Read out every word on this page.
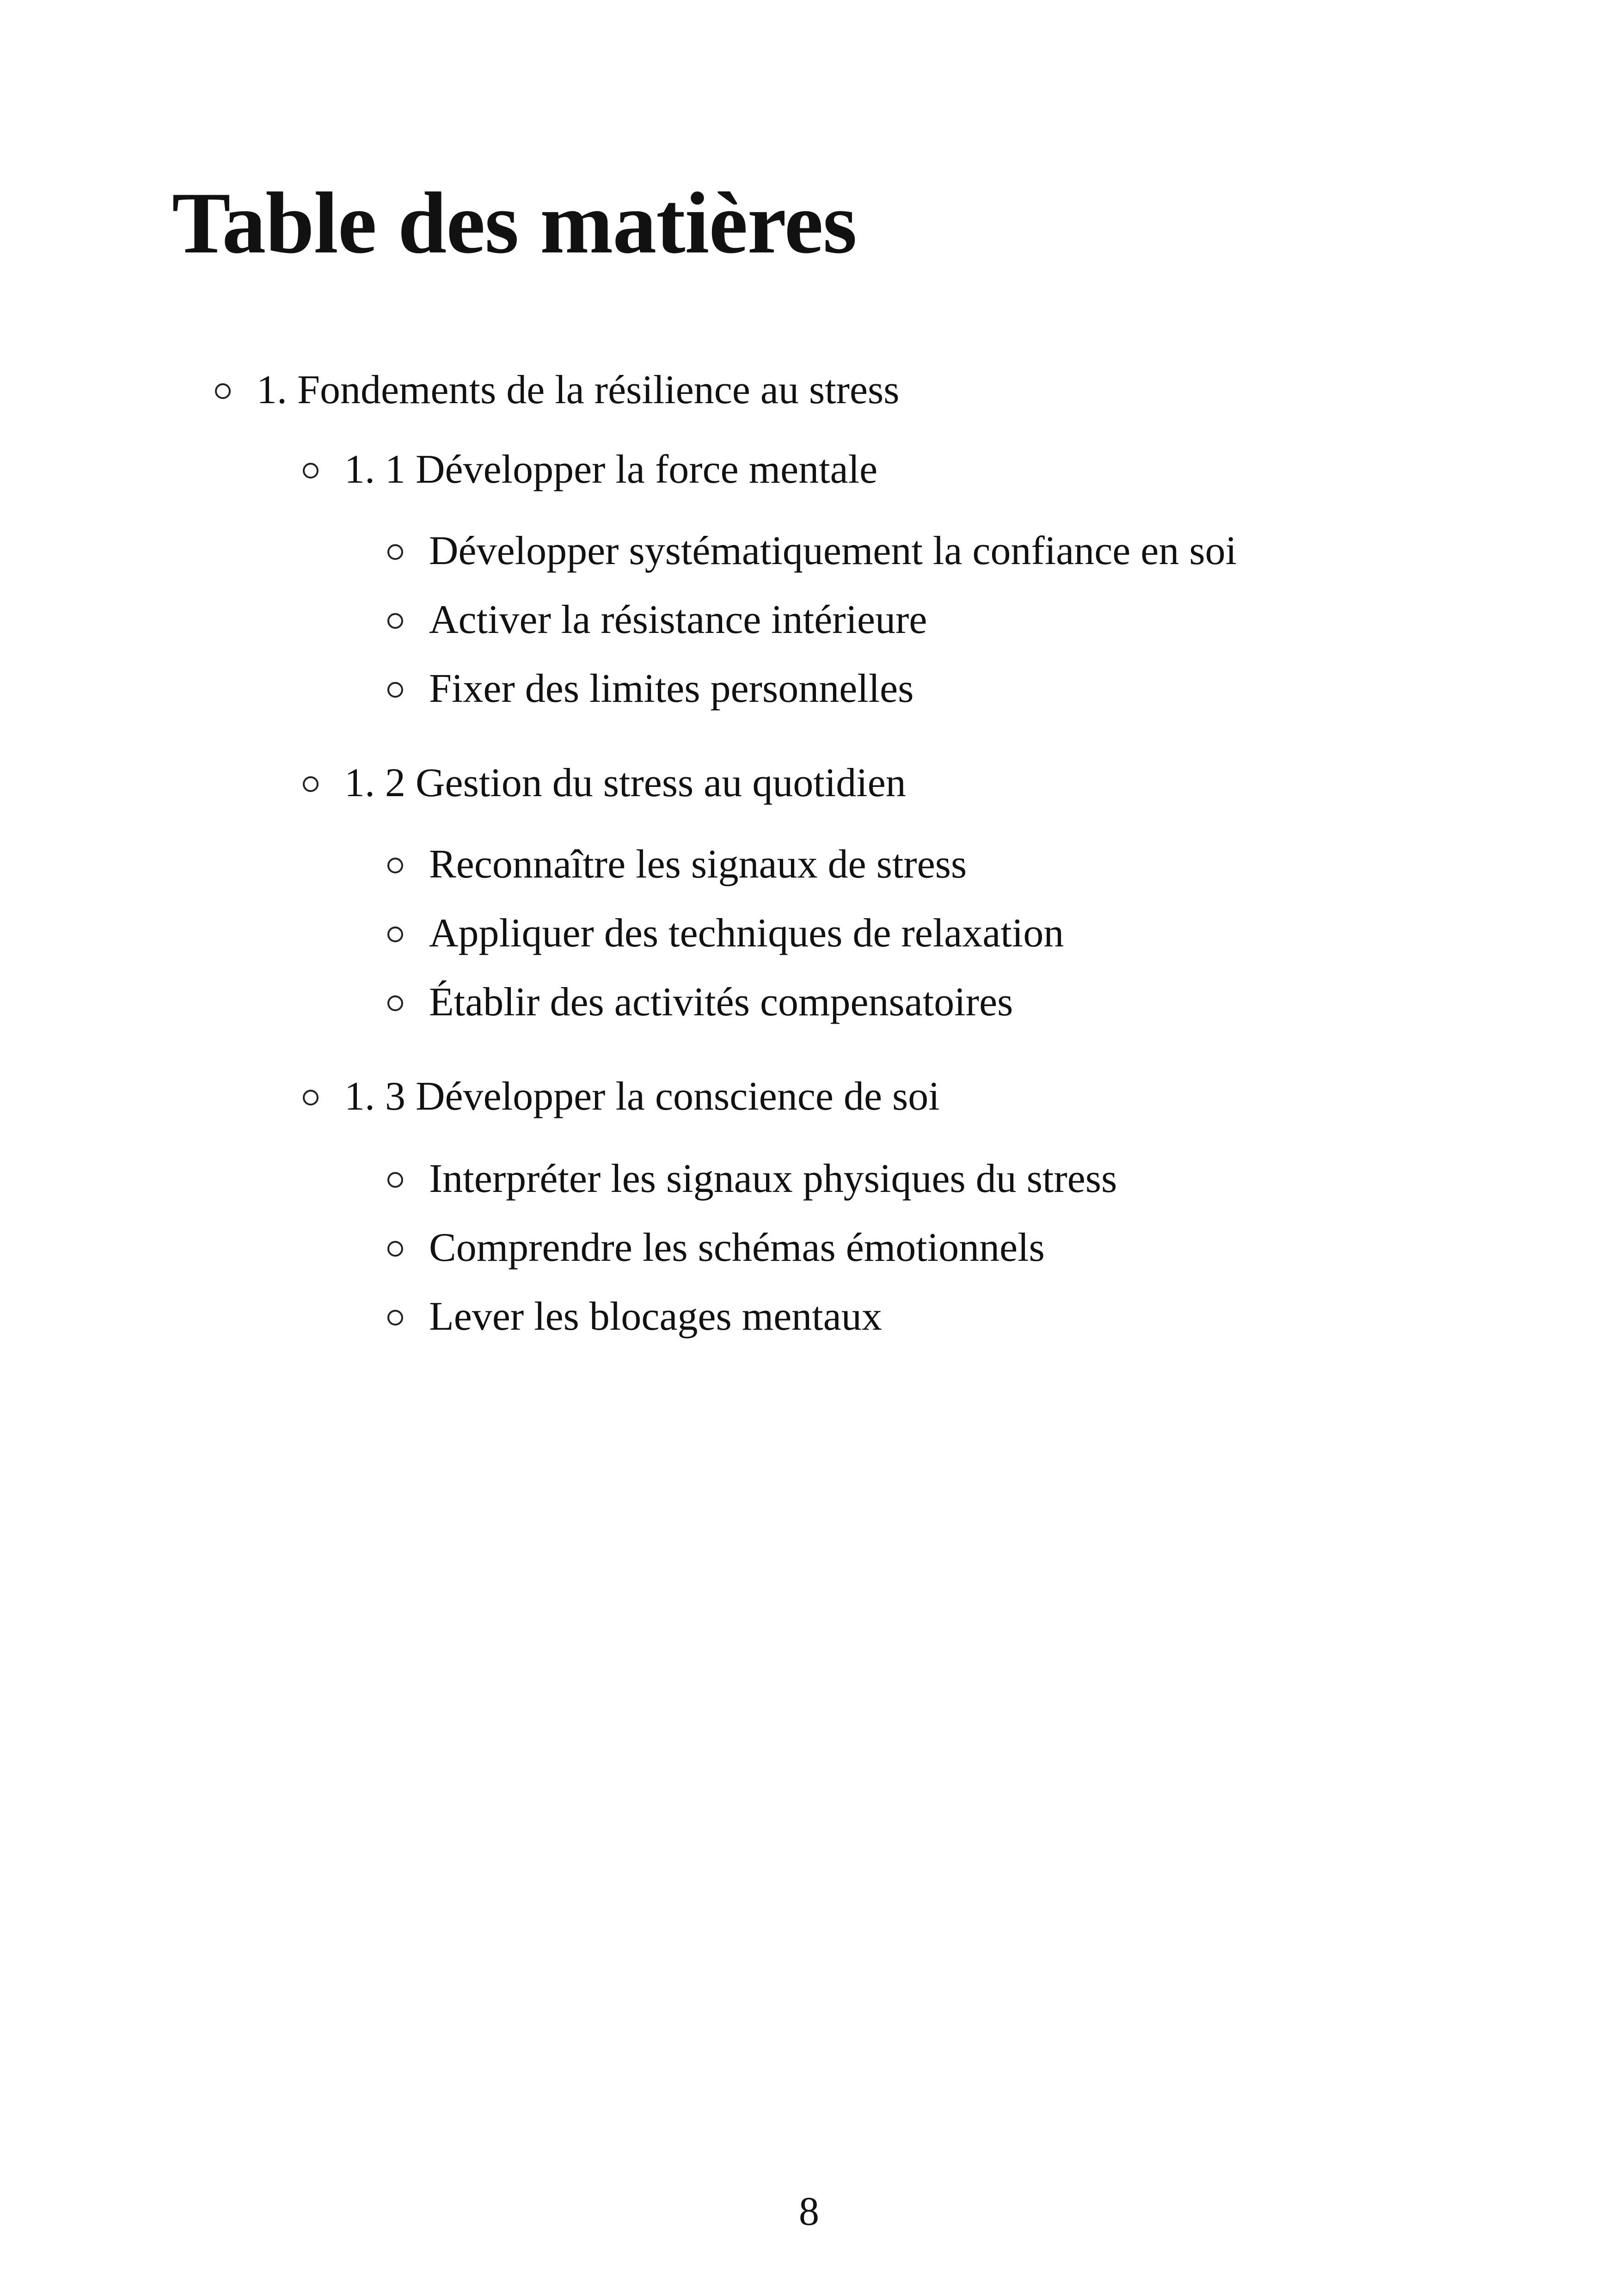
Table des matières
1. Fondements de la résilience au stress
1. 1 Développer la force mentale
Développer systématiquement la confiance en soi
Activer la résistance intérieure
Fixer des limites personnelles
1. 2 Gestion du stress au quotidien
Reconnaître les signaux de stress
Appliquer des techniques de relaxation
Établir des activités compensatoires
1. 3 Développer la conscience de soi
Interpréter les signaux physiques du stress
Comprendre les schémas émotionnels
Lever les blocages mentaux
8
